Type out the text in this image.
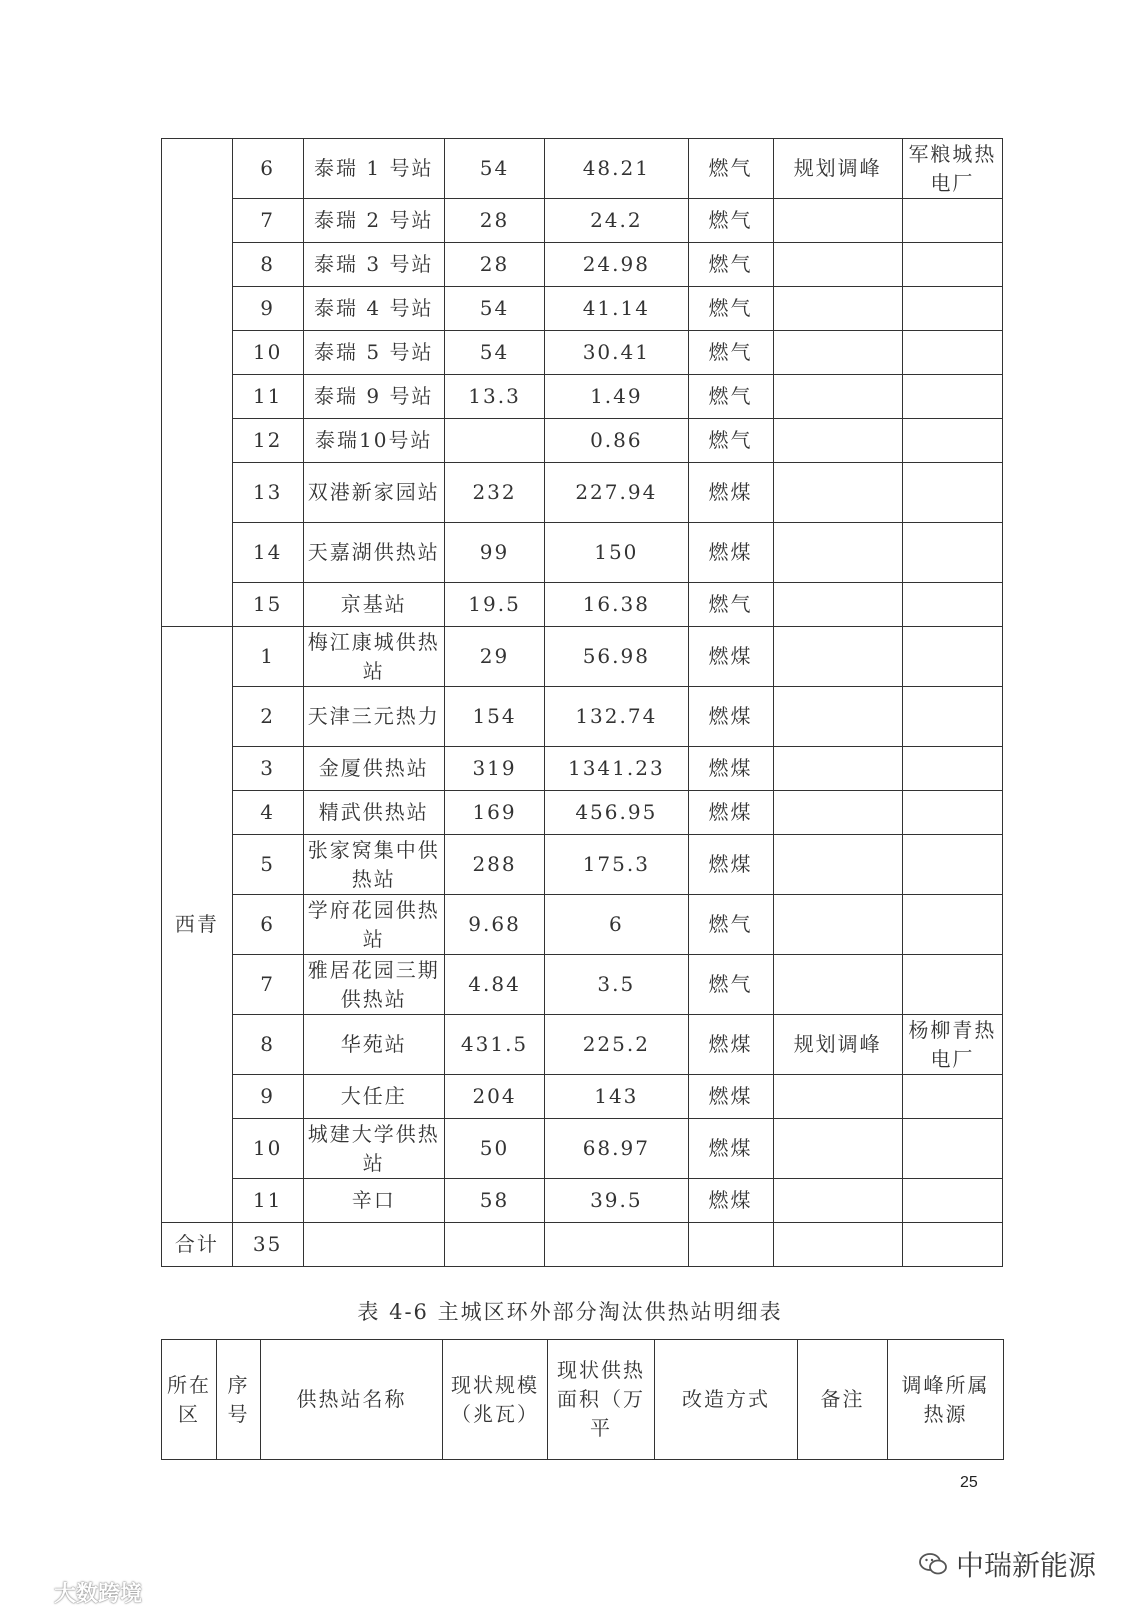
	6	泰瑞 1 号站	54	48.21	燃气	规划调峰	军粮城热电厂
	7	泰瑞 2 号站	28	24.2	燃气		
	8	泰瑞 3 号站	28	24.98	燃气		
	9	泰瑞 4 号站	54	41.14	燃气		
	10	泰瑞 5 号站	54	30.41	燃气		
	11	泰瑞 9 号站	13.3	1.49	燃气		
	12	泰瑞10号站		0.86	燃气		
	13	双港新家园站	232	227.94	燃煤		
	14	天嘉湖供热站	99	150	燃煤		
	15	京基站	19.5	16.38	燃气		
西青	1	梅江康城供热站	29	56.98	燃煤		
	2	天津三元热力	154	132.74	燃煤		
	3	金厦供热站	319	1341.23	燃煤		
	4	精武供热站	169	456.95	燃煤		
	5	张家窝集中供热站	288	175.3	燃煤		
	6	学府花园供热站	9.68	6	燃气		
	7	雅居花园三期供热站	4.84	3.5	燃气		
	8	华苑站	431.5	225.2	燃煤	规划调峰	杨柳青热电厂
	9	大任庄	204	143	燃煤		
	10	城建大学供热站	50	68.97	燃煤		
	11	辛口	58	39.5	燃煤		
合计	35						
表 4-6 主城区环外部分淘汰供热站明细表
所在区	序号	供热站名称	现状规模（兆瓦）	现状供热面积（万平	改造方式	备注	调峰所属热源
25
中瑞新能源
大数跨境
